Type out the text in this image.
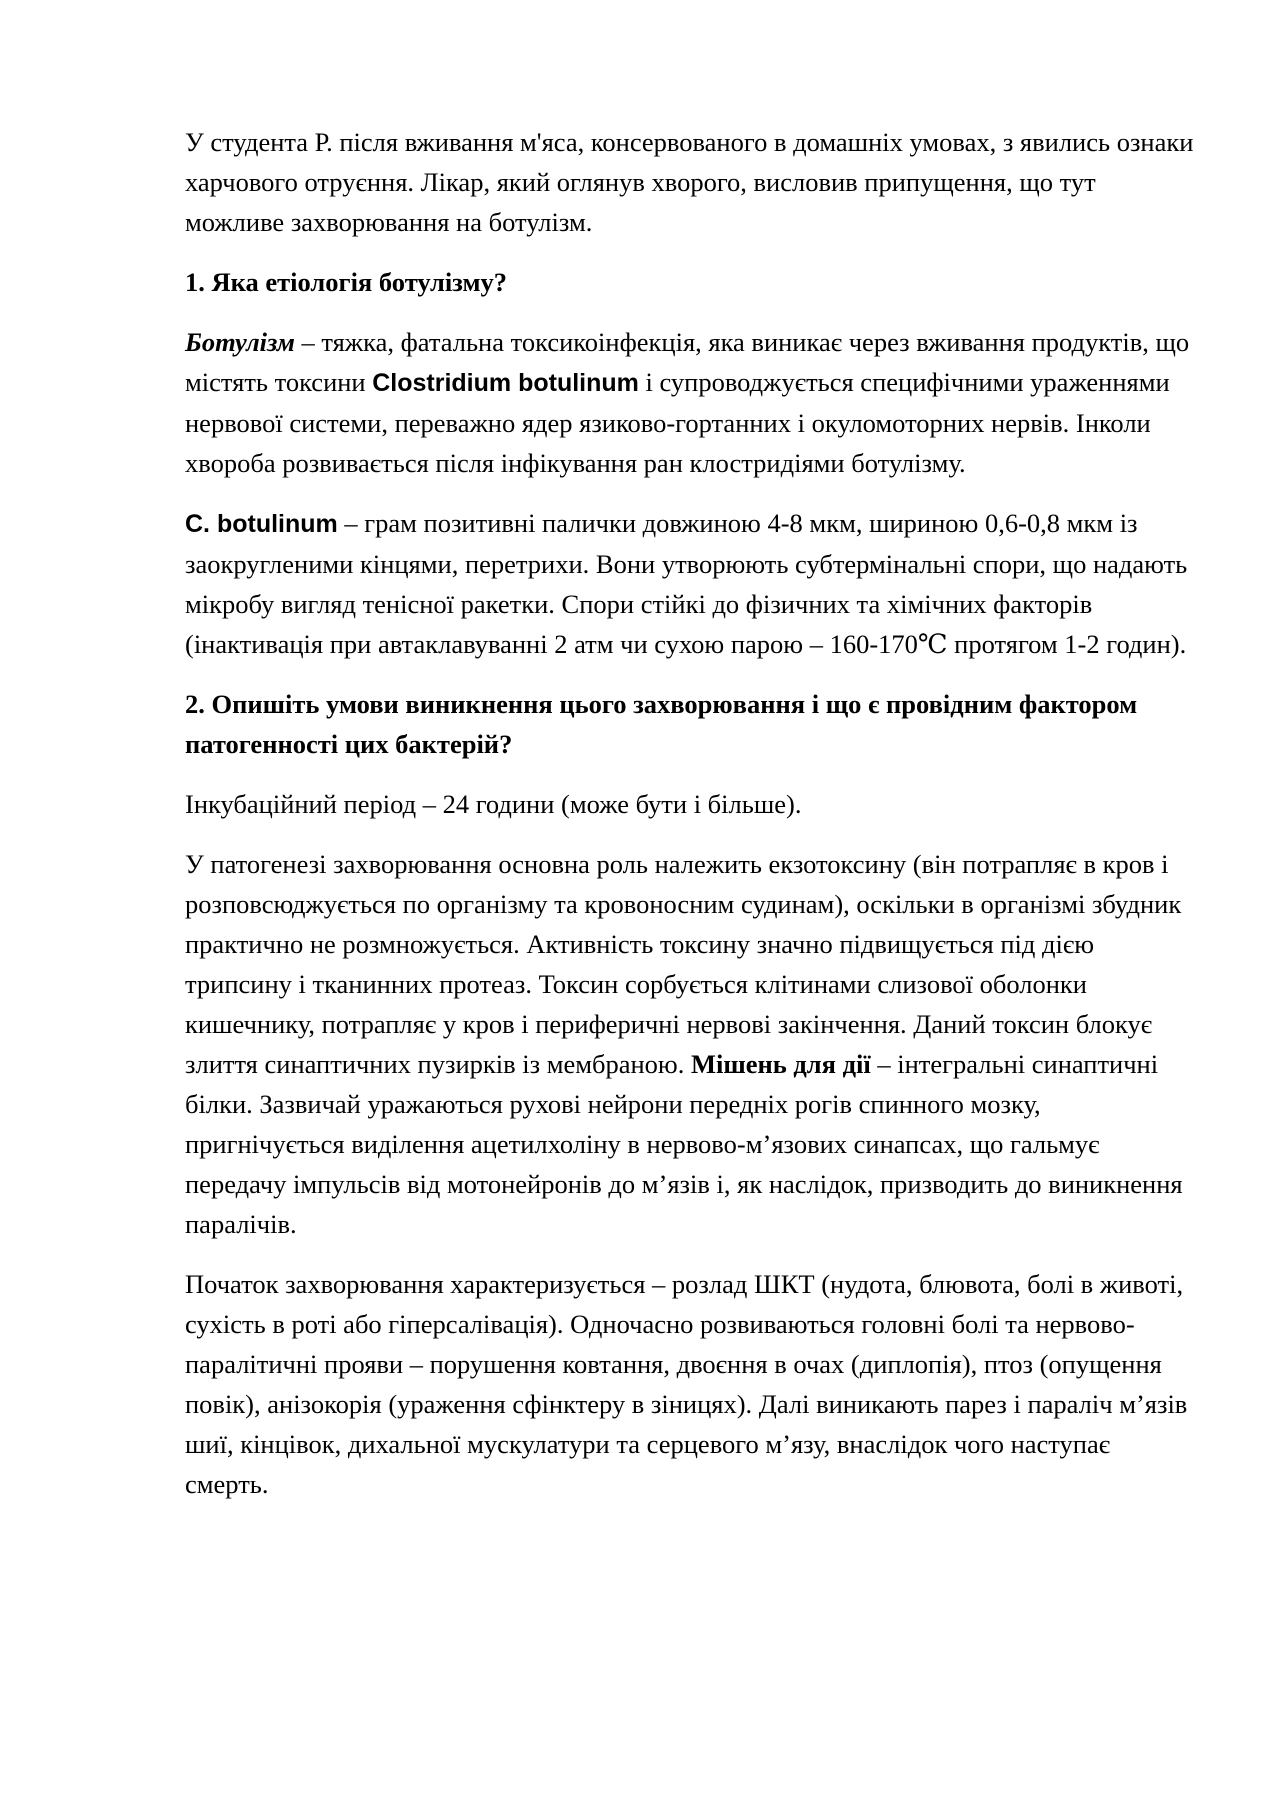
У студента Р. після вживання м'яса, консервованого в домашніх умовах, з явились ознаки харчового отруєння. Лікар, який оглянув хворого, висловив припущення, що тут можливе захворювання на ботулізм.

1. Яка етіологія ботулізму?

Ботулізм – тяжка, фатальна токсикоінфекція, яка виникає через вживання продуктів, що містять токсини Clostridium botulinum і супроводжується специфічними ураженнями нервової системи, переважно ядер язиково-гортанних і окуломоторних нервів. Інколи хвороба розвивається після інфікування ран клостридіями ботулізму.

C. botulinum – грам позитивні палички довжиною 4-8 мкм, шириною 0,6-0,8 мкм із заокругленими кінцями, перетрихи. Вони утворюють субтермінальні спори, що надають мікробу вигляд тенісної ракетки. Спори стійкі до фізичних та хімічних факторів (інактивація при автаклавуванні 2 атм чи сухою парою – 160-170℃ протягом 1-2 годин).

2. Опишіть умови виникнення цього захворювання і що є провідним фактором патогенності цих бактерій?

Інкубаційний період – 24 години (може бути і більше).

У патогенезі захворювання основна роль належить екзотоксину (він потрапляє в кров і розповсюджується по організму та кровоносним судинам), оскільки в організмі збудник практично не розмножується. Активність токсину значно підвищується під дією трипсину і тканинних протеаз. Токсин сорбується клітинами слизової оболонки кишечнику, потрапляє у кров і периферичні нервові закінчення. Даний токсин блокує злиття синаптичних пузирків із мембраною. Мішень для дії – інтегральні синаптичні білки. Зазвичай уражаються рухові нейрони передніх рогів спинного мозку, пригнічується виділення ацетилхоліну в нервово-м’язових синапсах, що гальмує передачу імпульсів від мотонейронів до м’язів і, як наслідок, призводить до виникнення паралічів.

Початок захворювання характеризується – розлад ШКТ (нудота, блювота, болі в животі, сухість в роті або гіперсалівація). Одночасно розвиваються головні болі та нервово-паралітичні прояви – порушення ковтання, двоєння в очах (диплопія), птоз (опущення повік), анізокорія (ураження сфінктеру в зіницях). Далі виникають парез і параліч м’язів шиї, кінцівок, дихальної мускулатури та серцевого м’язу, внаслідок чого наступає смерть.
